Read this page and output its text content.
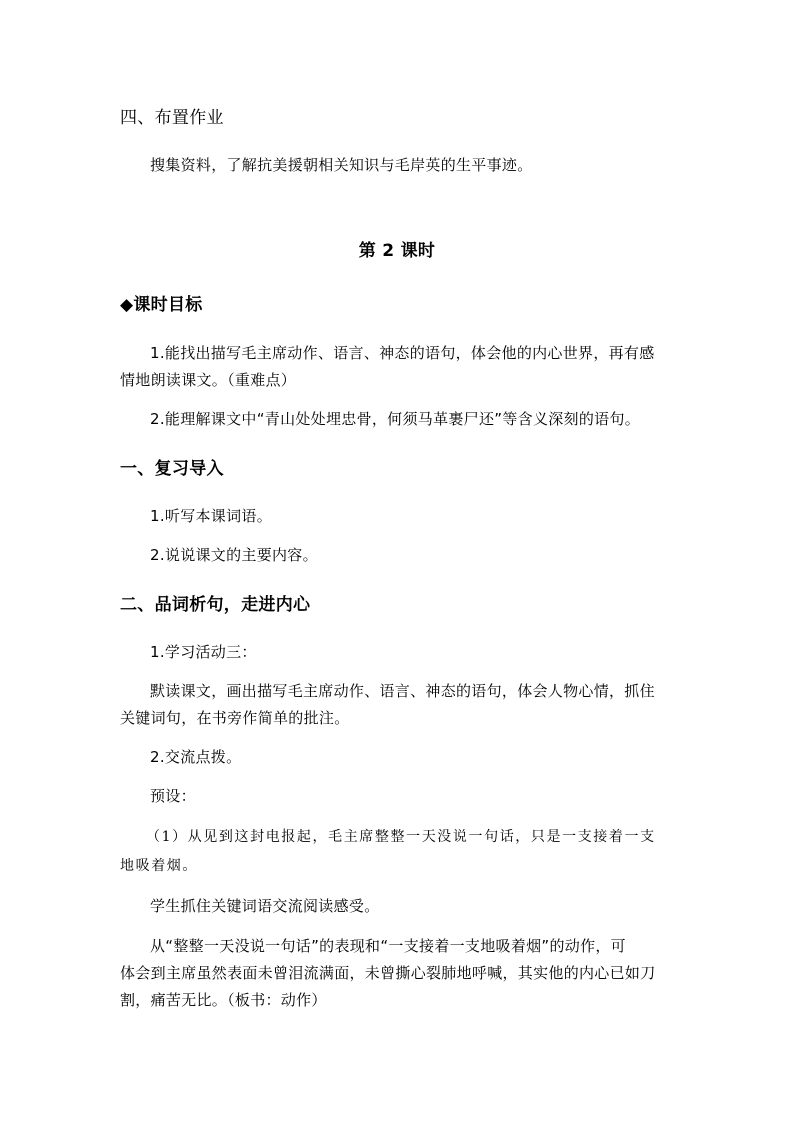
四、布置作业
搜集资料，了解抗美援朝相关知识与毛岸英的生平事迹。
第 2 课时
◆课时目标
1.能找出描写毛主席动作、语言、神态的语句，体会他的内心世界，再有感
情地朗读课文。（重难点）
2.能理解课文中“青山处处埋忠骨，何须马革裹尸还”等含义深刻的语句。
一、复习导入
1.听写本课词语。
2.说说课文的主要内容。
二、品词析句，走进内心
1.学习活动三：
默读课文，画出描写毛主席动作、语言、神态的语句，体会人物心情，抓住
关键词句，在书旁作简单的批注。
2.交流点拨。
预设：
（1）从见到这封电报起，毛主席整整一天没说一句话，只是一支接着一支
地吸着烟。
学生抓住关键词语交流阅读感受。
从“整整一天没说一句话”的表现和“一支接着一支地吸着烟”的动作，可
体会到主席虽然表面未曾泪流满面，未曾撕心裂肺地呼喊，其实他的内心已如刀
割，痛苦无比。（板书：动作）
